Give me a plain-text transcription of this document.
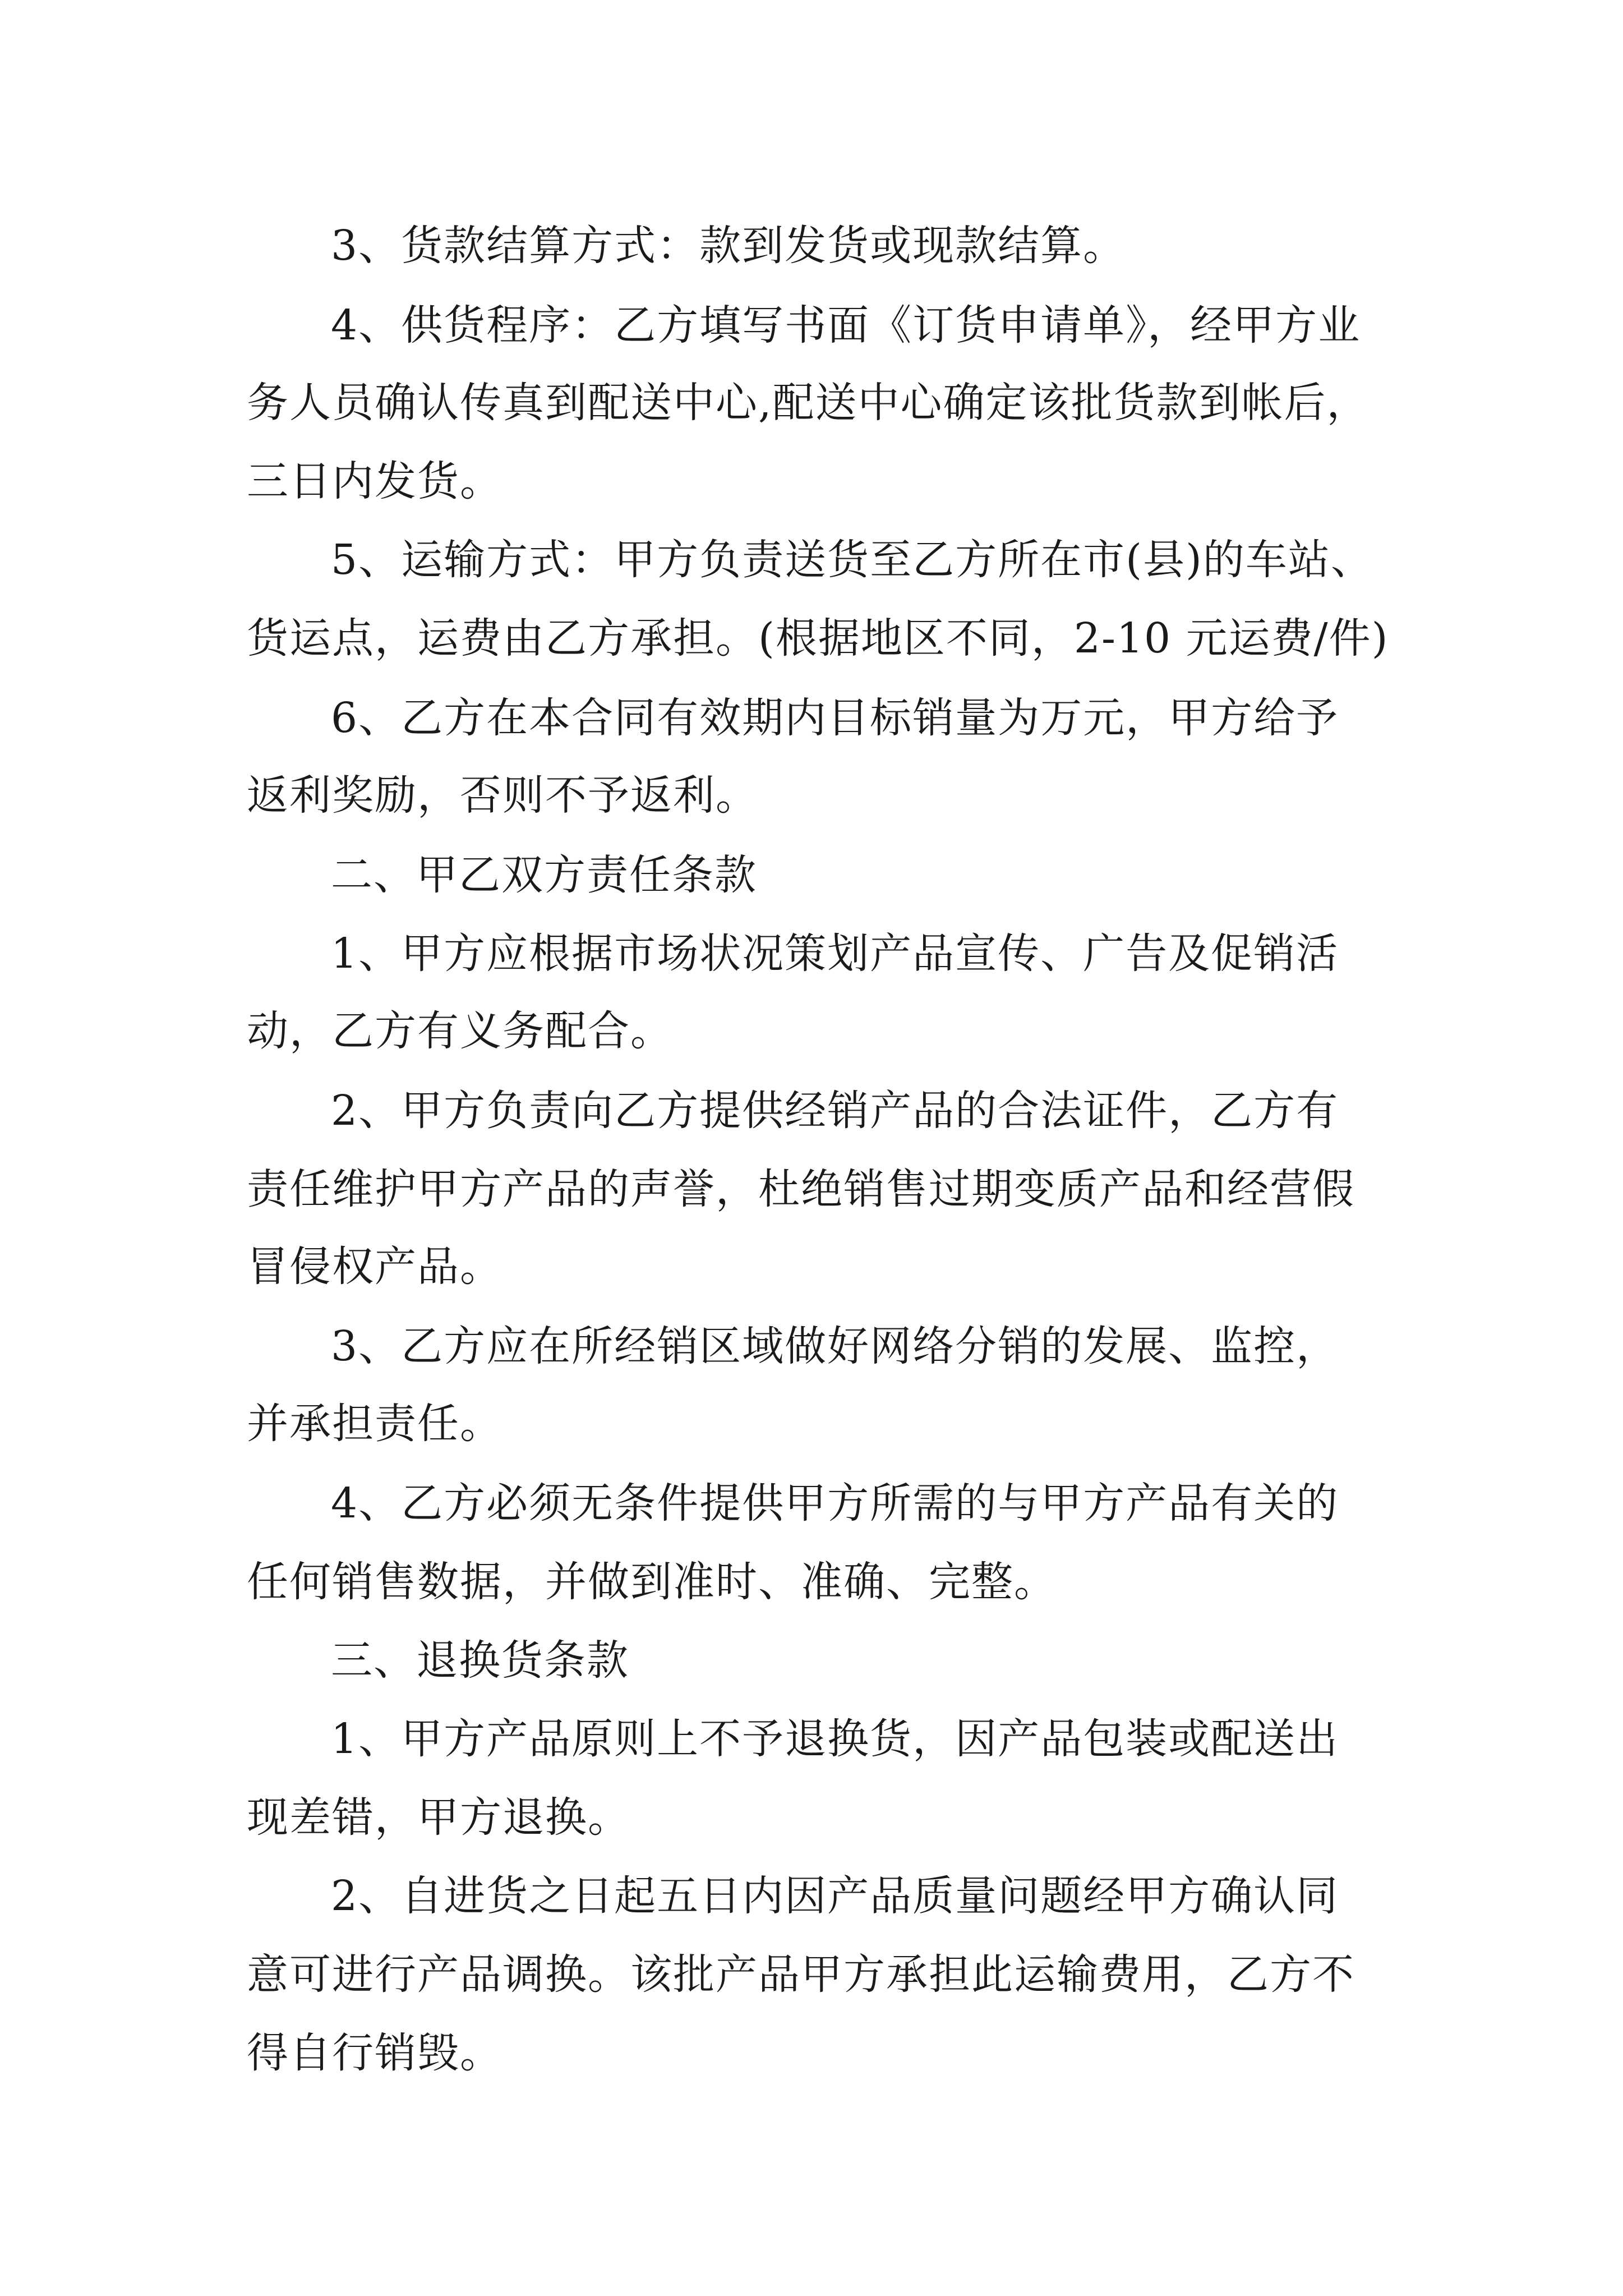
3、货款结算方式：款到发货或现款结算。
4、供货程序：乙方填写书面《订货申请单》，经甲方业
务人员确认传真到配送中心,配送中心确定该批货款到帐后，
三日内发货。
5、运输方式：甲方负责送货至乙方所在市(县)的车站、
货运点，运费由乙方承担。(根据地区不同，2-10 元运费/件)
6、乙方在本合同有效期内目标销量为万元，甲方给予
返利奖励，否则不予返利。
二、甲乙双方责任条款
1、甲方应根据市场状况策划产品宣传、广告及促销活
动，乙方有义务配合。
2、甲方负责向乙方提供经销产品的合法证件，乙方有
责任维护甲方产品的声誉，杜绝销售过期变质产品和经营假
冒侵权产品。
3、乙方应在所经销区域做好网络分销的发展、监控，
并承担责任。
4、乙方必须无条件提供甲方所需的与甲方产品有关的
任何销售数据，并做到准时、准确、完整。
三、退换货条款
1、甲方产品原则上不予退换货，因产品包装或配送出
现差错，甲方退换。
2、自进货之日起五日内因产品质量问题经甲方确认同
意可进行产品调换。该批产品甲方承担此运输费用，乙方不
得自行销毁。
